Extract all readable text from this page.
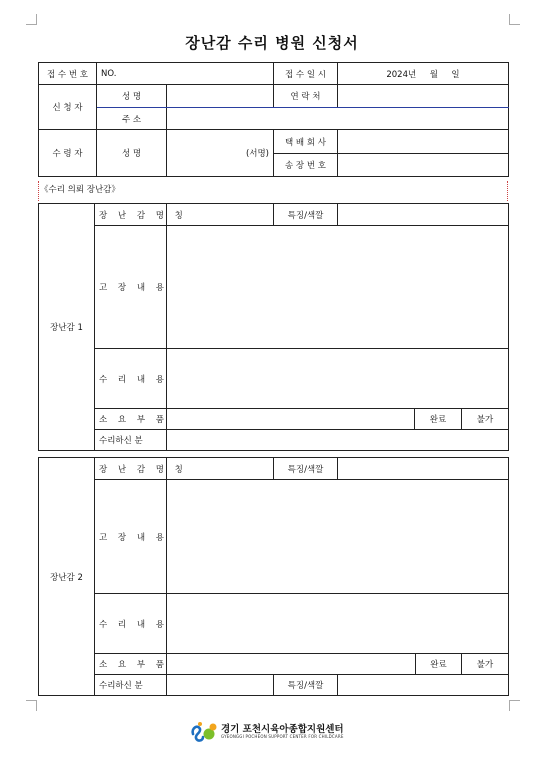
장난감 수리 병원 신청서
접 수 번 호	NO.		접 수 일 시	2024년     월     일
신 청 자	성 명		연 락 처	
	주 소			
수 령 자	성 명	(서명)	택 배 회 사	
			송 장 번 호	
《수리 의뢰 장난감》
장난감 1	장 난 감 명 칭		특징/색깔			
	고 장 내 용					
	수 리 내 용					
	소 요 부 품				완료	불가
	수리하신 분					
장난감 2	장 난 감 명 칭		특징/색깔			
	고 장 내 용					
	수 리 내 용					
	소 요 부 품				완료	불가
	수리하신 분		특징/색깔			
경기 포천시육아종합지원센터
GYEONGGI POCHEON SUPPORT CENTER FOR CHILDCARE
